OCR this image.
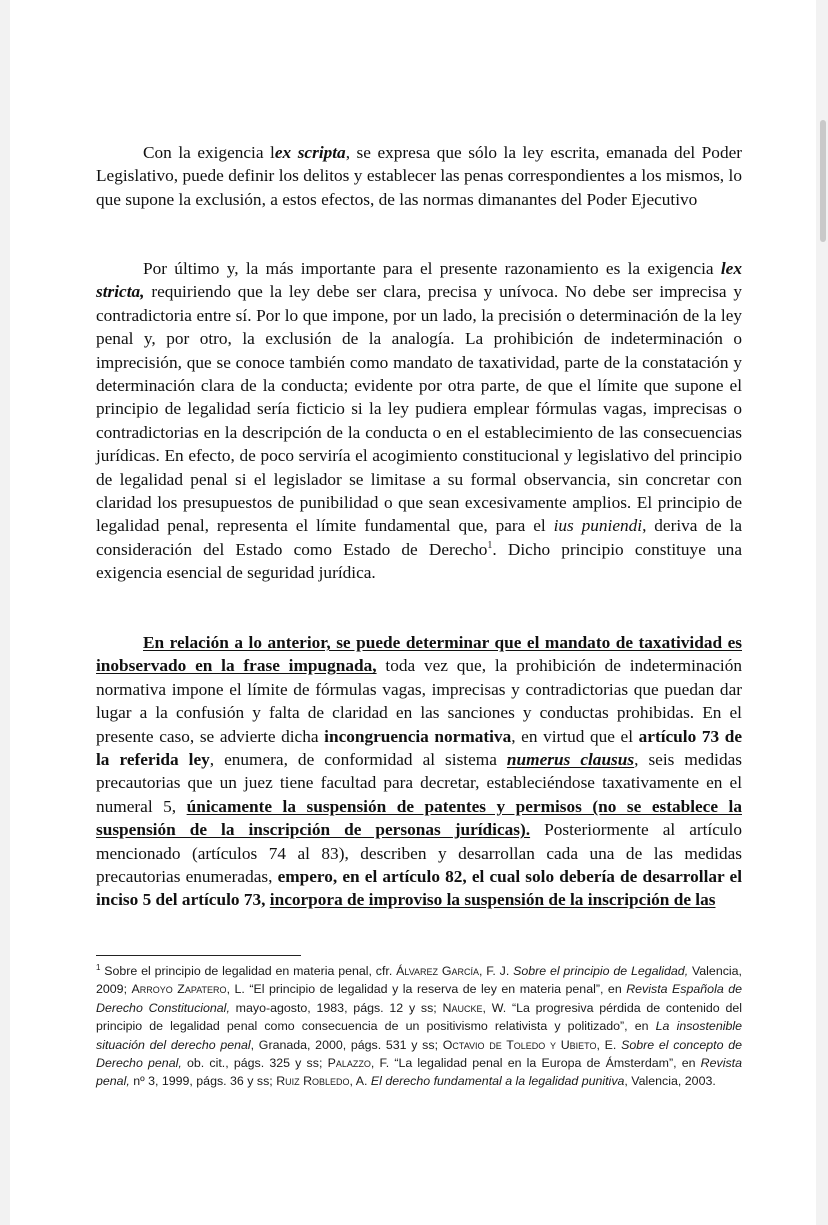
Con la exigencia lex scripta, se expresa que sólo la ley escrita, emanada del Poder Legislativo, puede definir los delitos y establecer las penas correspondientes a los mismos, lo que supone la exclusión, a estos efectos, de las normas dimanantes del Poder Ejecutivo

Por último y, la más importante para el presente razonamiento es la exigencia lex stricta, requiriendo que la ley debe ser clara, precisa y unívoca. No debe ser imprecisa y contradictoria entre sí. Por lo que impone, por un lado, la precisión o determinación de la ley penal y, por otro, la exclusión de la analogía. La prohibición de indeterminación o imprecisión, que se conoce también como mandato de taxatividad, parte de la constatación y determinación clara de la conducta; evidente por otra parte, de que el límite que supone el principio de legalidad sería ficticio si la ley pudiera emplear fórmulas vagas, imprecisas o contradictorias en la descripción de la conducta o en el establecimiento de las consecuencias jurídicas. En efecto, de poco serviría el acogimiento constitucional y legislativo del principio de legalidad penal si el legislador se limitase a su formal observancia, sin concretar con claridad los presupuestos de punibilidad o que sean excesivamente amplios. El principio de legalidad penal, representa el límite fundamental que, para el ius puniendi, deriva de la consideración del Estado como Estado de Derecho$^1$. Dicho principio constituye una exigencia esencial de seguridad jurídica.

En relación a lo anterior, se puede determinar que el mandato de taxatividad es inobservado en la frase impugnada, toda vez que, la prohibición de indeterminación normativa impone el límite de fórmulas vagas, imprecisas y contradictorias que puedan dar lugar a la confusión y falta de claridad en las sanciones y conductas prohibidas. En el presente caso, se advierte dicha incongruencia normativa, en virtud que el artículo 73 de la referida ley, enumera, de conformidad al sistema numerus clausus, seis medidas precautorias que un juez tiene facultad para decretar, estableciéndose taxativamente en el numeral 5, únicamente la suspensión de patentes y permisos (no se establece la suspensión de la inscripción de personas jurídicas). Posteriormente al artículo mencionado (artículos 74 al 83), describen y desarrollan cada una de las medidas precautorias enumeradas, empero, en el artículo 82, el cual solo debería de desarrollar el inciso 5 del artículo 73, incorpora de improviso la suspensión de la inscripción de las

$^1$ Sobre el principio de legalidad en materia penal, cfr. Álvarez García, F. J. Sobre el principio de Legalidad, Valencia, 2009; Arroyo Zapatero, L. “El principio de legalidad y la reserva de ley en materia penal”, en Revista Española de Derecho Constitucional, mayo-agosto, 1983, págs. 12 y ss; Naucke, W. “La progresiva pérdida de contenido del principio de legalidad penal como consecuencia de un positivismo relativista y politizado”, en La insostenible situación del derecho penal, Granada, 2000, págs. 531 y ss; Octavio de Toledo y Ubieto, E. Sobre el concepto de Derecho penal, ob. cit., págs. 325 y ss; Palazzo, F. “La legalidad penal en la Europa de Ámsterdam”, en Revista penal, nº 3, 1999, págs. 36 y ss; Ruiz Robledo, A. El derecho fundamental a la legalidad punitiva, Valencia, 2003.
